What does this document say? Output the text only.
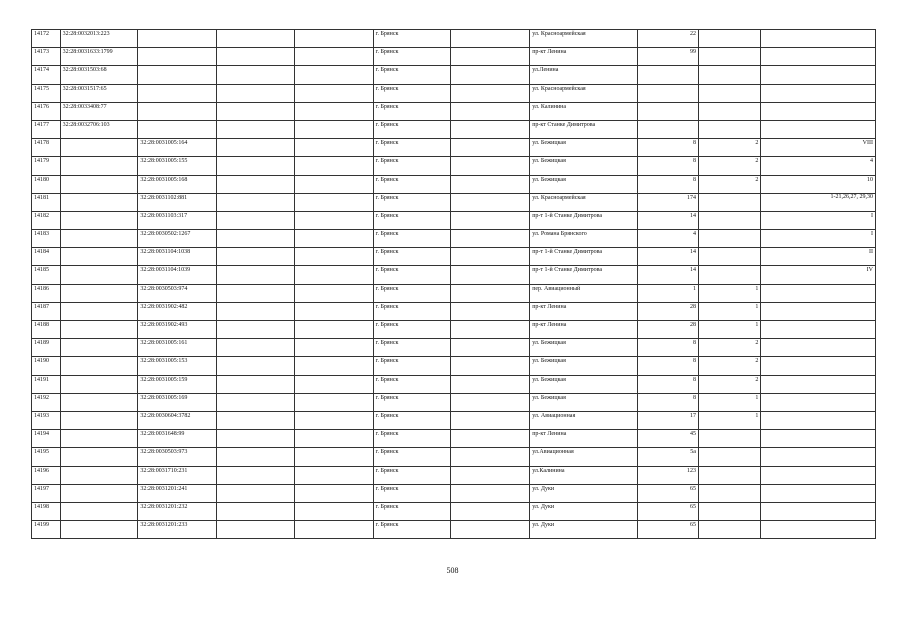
14172	32:28:0032013:223				г. Брянск		ул. Красноармейская	22		
14173	32:28:0031633:1799				г. Брянск		пр-кт Ленина	99		
14174	32:28:0031503:68				г. Брянск		ул.Ленина			
14175	32:28:0031517:65				г. Брянск		ул. Красноармейская			
14176	32:28:0033408:77				г. Брянск		ул. Калинина			
14177	32:28:0032706:103				г. Брянск		пр-кт Станке Димитрова			
14178		32:28:0031005:164			г. Брянск		ул. Бежицкая	8	2	VIII
14179		32:28:0031005:155			г. Брянск		ул. Бежицкая	8	2	4
14180		32:28:0031005:168			г. Брянск		ул. Бежицкая	8	2	10
14181		32:28:0031102:881			г. Брянск		ул. Красноармейская	174		1-21,26,27, 29,30
14182		32:28:0031103:317			г. Брянск		пр-т 1-й Станке Димитрова	14		I
14183		32:28:0030502:1267			г. Брянск		ул. Романа Брянского	4		I
14184		32:28:0031104:1038			г. Брянск		пр-т 1-й Станке Димитрова	14		II
14185		32:28:0031104:1039			г. Брянск		пр-т 1-й Станке Димитрова	14		IV
14186		32:28:0030503:974			г. Брянск		пер. Авиационный	1	1	
14187		32:28:0031902:482			г. Брянск		пр-кт Ленина	28	1	
14188		32:28:0031902:493			г. Брянск		пр-кт Ленина	28	1	
14189		32:28:0031005:161			г. Брянск		ул. Бежицкая	8	2	
14190		32:28:0031005:153			г. Брянск		ул. Бежицкая	8	2	
14191		32:28:0031005:159			г. Брянск		ул. Бежицкая	8	2	
14192		32:28:0031005:169			г. Брянск		ул. Бежицкая	8	1	
14193		32:28:0030604:3782			г. Брянск		ул. Авиационная	17	1	
14194		32:28:0031648:99			г. Брянск		пр-кт Ленина	45		
14195		32:28:0030503:973			г. Брянск		ул.Авиационная	5а		
14196		32:28:0031710:231			г. Брянск		ул.Калинина	123		
14197		32:28:0031201:241			г. Брянск		ул. Дуки	65		
14198		32:28:0031201:232			г. Брянск		ул. Дуки	65		
14199		32:28:0031201:233			г. Брянск		ул. Дуки	65		
508
